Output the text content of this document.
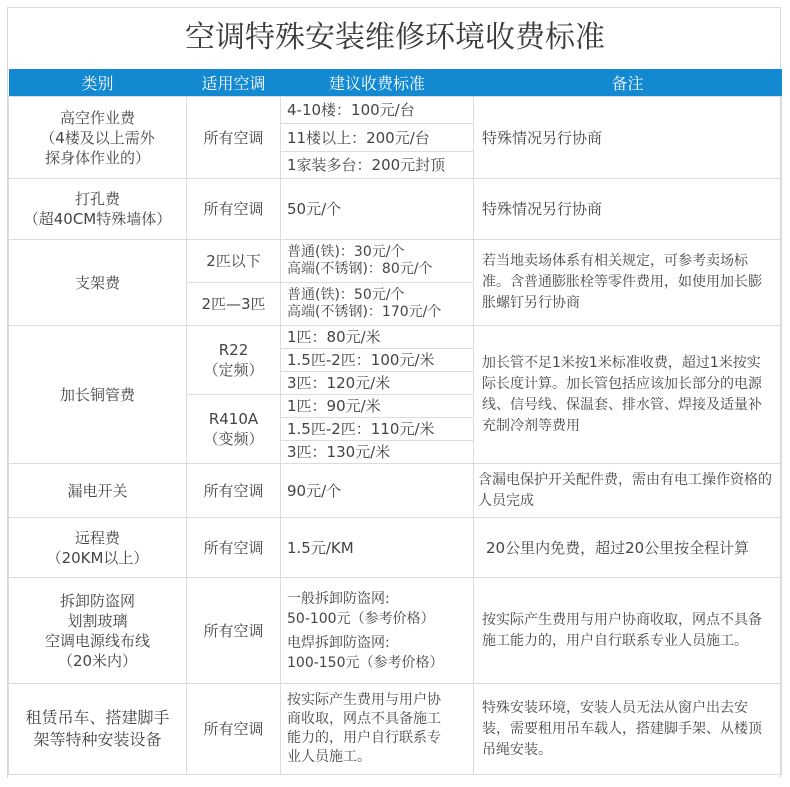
空调特殊安装维修环境收费标准
类别	适用空调	建议收费标准	备注

高空作业费
（4楼及以上需外
探身体作业的）	所有空调	4-10楼：100元/台	特殊情况另行协商
		11楼以上：200元/台	
		1家装多台：200元封顶	

打孔费
（超40CM特殊墙体）	所有空调	50元/个	特殊情况另行协商
支架费	2匹以下	普通(铁)：30元/个
高端(不锈钢)：80元/个	若当地卖场体系有相关规定，可参考卖场标准。含普通膨胀栓等零件费用，如使用加长膨胀螺钉另行协商
	2匹—3匹	普通(铁)：50元/个
高端(不锈钢)：170元/个	

加长铜管费	R22
（定频）	1匹：80元/米	加长管不足1米按1米标准收费，超过1米按实际长度计算。加长管包括应该加长部分的电源线、信号线、保温套、排水管、焊接及适量补充制冷剂等费用
		1.5匹-2匹：100元/米	
		3匹：120元/米	

	R410A
（变频）	1匹：90元/米	
		1.5匹-2匹：110元/米	
		3匹：130元/米	
漏电开关	所有空调	90元/个	含漏电保护开关配件费，需由有电工操作资格的人员完成

远程费
（20KM以上）	所有空调	1.5元/KM	20公里内免费，超过20公里按全程计算

拆卸防盗网
划割玻璃
空调电源线布线
（20米内）
	所有空调	
一般拆卸防盗网:
50-100元（参考价格）
电焊拆卸防盗网:
100-150元（参考价格）
	按实际产生费用与用户协商收取，网点不具备施工能力的，用户自行联系专业人员施工。

租赁吊车、搭建脚手
架等特种安装设备
	所有空调	
按实际产生费用与用户协
商收取，网点不具备施工
能力的，用户自行联系专
业人员施工。
	特殊安装环境，安装人员无法从窗户出去安装，需要租用吊车载人，搭建脚手架、从楼顶吊绳安装。
